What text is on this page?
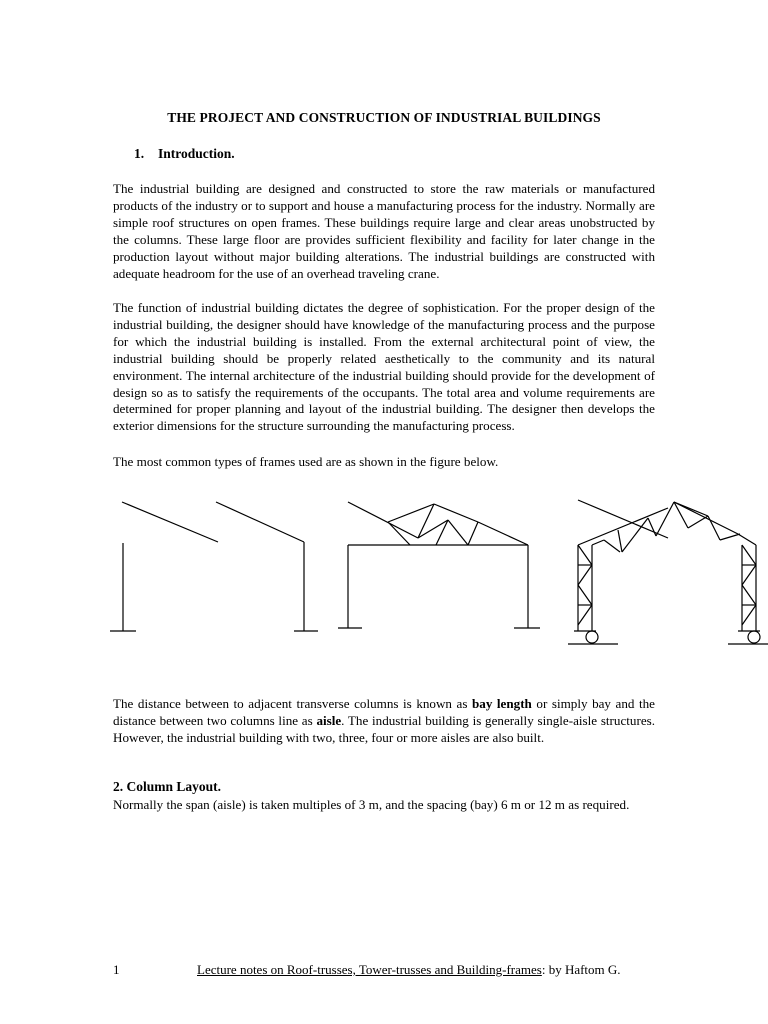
THE PROJECT AND CONSTRUCTION OF INDUSTRIAL BUILDINGS
1. Introduction.
The industrial building are designed and constructed to store the raw materials or manufactured products of the industry or to support and house a manufacturing process for the industry. Normally are simple roof structures on open frames. These buildings require large and clear areas unobstructed by the columns. These large floor are provides sufficient flexibility and facility for later change in the production layout without major building alterations. The industrial buildings are constructed with adequate headroom for the use of an overhead traveling crane.
The function of industrial building dictates the degree of sophistication. For the proper design of the industrial building, the designer should have knowledge of the manufacturing process and the purpose for which the industrial building is installed. From the external architectural point of view, the industrial building should be properly related aesthetically to the community and its natural environment. The internal architecture of the industrial building should provide for the development of design so as to satisfy the requirements of the occupants. The total area and volume requirements are determined for proper planning and layout of the industrial building. The designer then develops the exterior dimensions for the structure surrounding the manufacturing process.
The most common types of frames used are as shown in the figure below.
The distance between to adjacent transverse columns is known as bay length or simply bay and the distance between two columns line as aisle. The industrial building is generally single-aisle structures. However, the industrial building with two, three, four or more aisles are also built.
2. Column Layout.
Normally the span (aisle) is taken multiples of 3 m, and the spacing (bay) 6 m or 12 m as required.
1	Lecture notes on Roof-trusses, Tower-trusses and Building-frames: by Haftom G.
